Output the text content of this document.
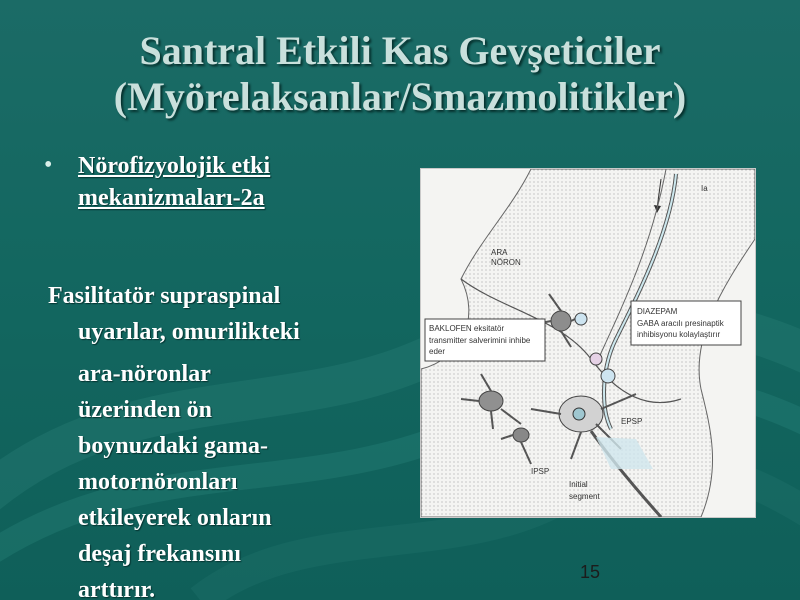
Santral Etkili Kas Gevşeticiler
(Myörelaksanlar/Smazmolitikler)
•	Nörofizyolojik etki
mekanizmaları-2a
Fasilitatör supraspinal
uyarılar, omurilikteki
ara-nöronlar
üzerinden ön
boynuzdaki gama-
motornöronları
etkileyerek onların
deşaj frekansını
arttırır.
Ia
ARA
NÖRON
DIAZEPAM
GABA aracılı presinaptik
inhibisyonu kolaylaştırır
BAKLOFEN eksitatör
transmitter salverimini inhibe
eder
EPSP
IPSP
Initial
segment
15
